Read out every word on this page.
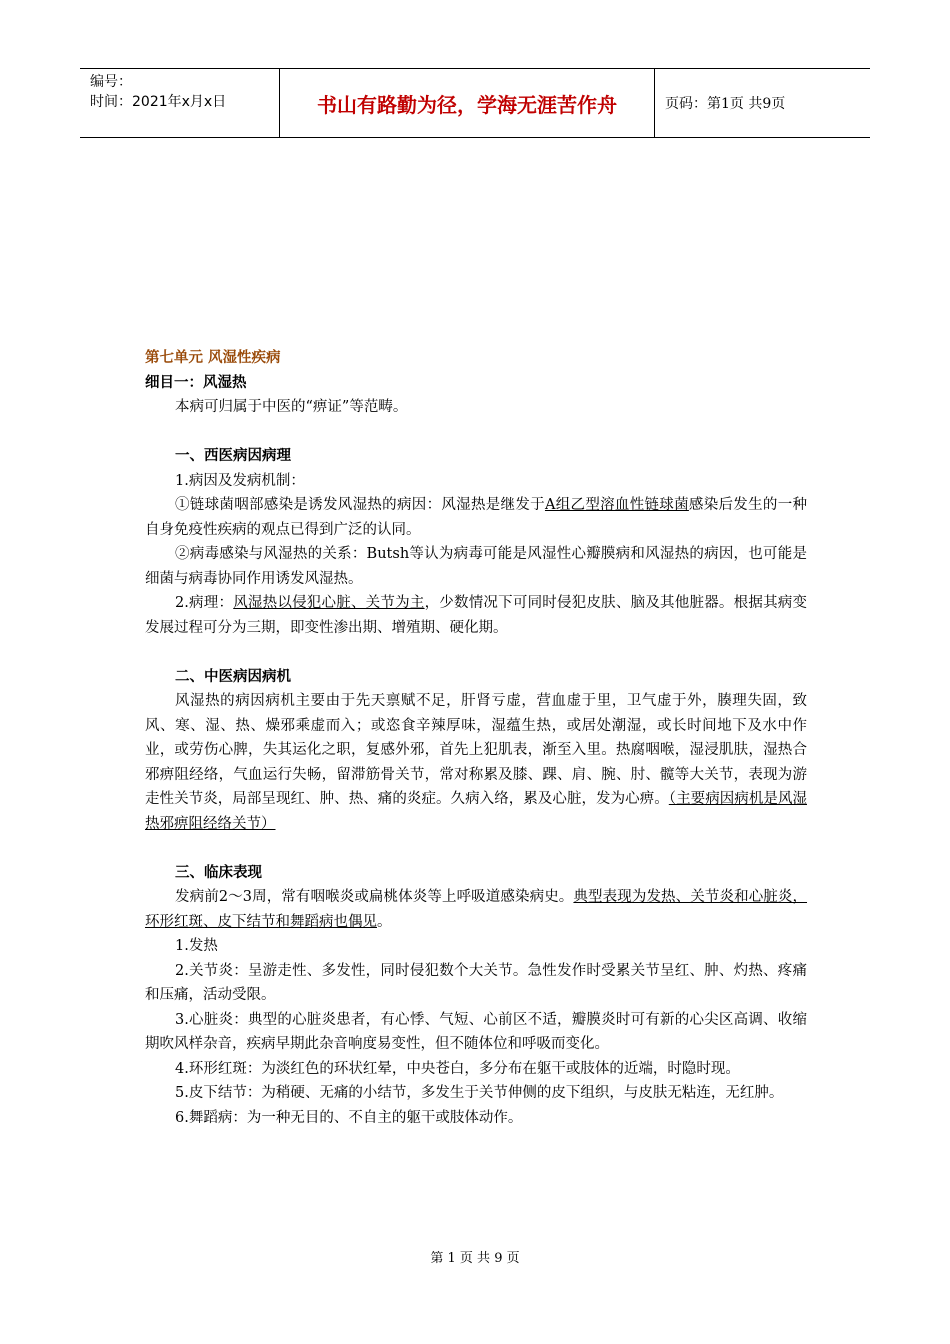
编号：
时间：2021年x月x日	书山有路勤为径，学海无涯苦作舟	页码：第1页 共9页
第七单元 风湿性疾病
细目一：风湿热
本病可归属于中医的“痹证”等范畴。
一、西医病因病理
1.病因及发病机制：
①链球菌咽部感染是诱发风湿热的病因：风湿热是继发于A组乙型溶血性链球菌感染后发生的一种自身免疫性疾病的观点已得到广泛的认同。
②病毒感染与风湿热的关系：Butsh等认为病毒可能是风湿性心瓣膜病和风湿热的病因，也可能是细菌与病毒协同作用诱发风湿热。
2.病理：风湿热以侵犯心脏、关节为主，少数情况下可同时侵犯皮肤、脑及其他脏器。根据其病变发展过程可分为三期，即变性渗出期、增殖期、硬化期。
二、中医病因病机
风湿热的病因病机主要由于先天禀赋不足，肝肾亏虚，营血虚于里，卫气虚于外，腠理失固，致风、寒、湿、热、燥邪乘虚而入；或恣食辛辣厚味，湿蕴生热，或居处潮湿，或长时间地下及水中作业，或劳伤心脾，失其运化之职，复感外邪，首先上犯肌表，渐至入里。热腐咽喉，湿浸肌肤，湿热合邪痹阻经络，气血运行失畅，留滞筋骨关节，常对称累及膝、踝、肩、腕、肘、髋等大关节，表现为游走性关节炎，局部呈现红、肿、热、痛的炎症。久病入络，累及心脏，发为心痹。（主要病因病机是风湿热邪痹阻经络关节）
三、临床表现
发病前2～3周，常有咽喉炎或扁桃体炎等上呼吸道感染病史。典型表现为发热、关节炎和心脏炎，环形红斑、皮下结节和舞蹈病也偶见。
1.发热
2.关节炎：呈游走性、多发性，同时侵犯数个大关节。急性发作时受累关节呈红、肿、灼热、疼痛和压痛，活动受限。
3.心脏炎：典型的心脏炎患者，有心悸、气短、心前区不适，瓣膜炎时可有新的心尖区高调、收缩期吹风样杂音，疾病早期此杂音响度易变性，但不随体位和呼吸而变化。
4.环形红斑：为淡红色的环状红晕，中央苍白，多分布在躯干或肢体的近端，时隐时现。
5.皮下结节：为稍硬、无痛的小结节，多发生于关节伸侧的皮下组织，与皮肤无粘连，无红肿。
6.舞蹈病：为一种无目的、不自主的躯干或肢体动作。
第 1 页 共 9 页
